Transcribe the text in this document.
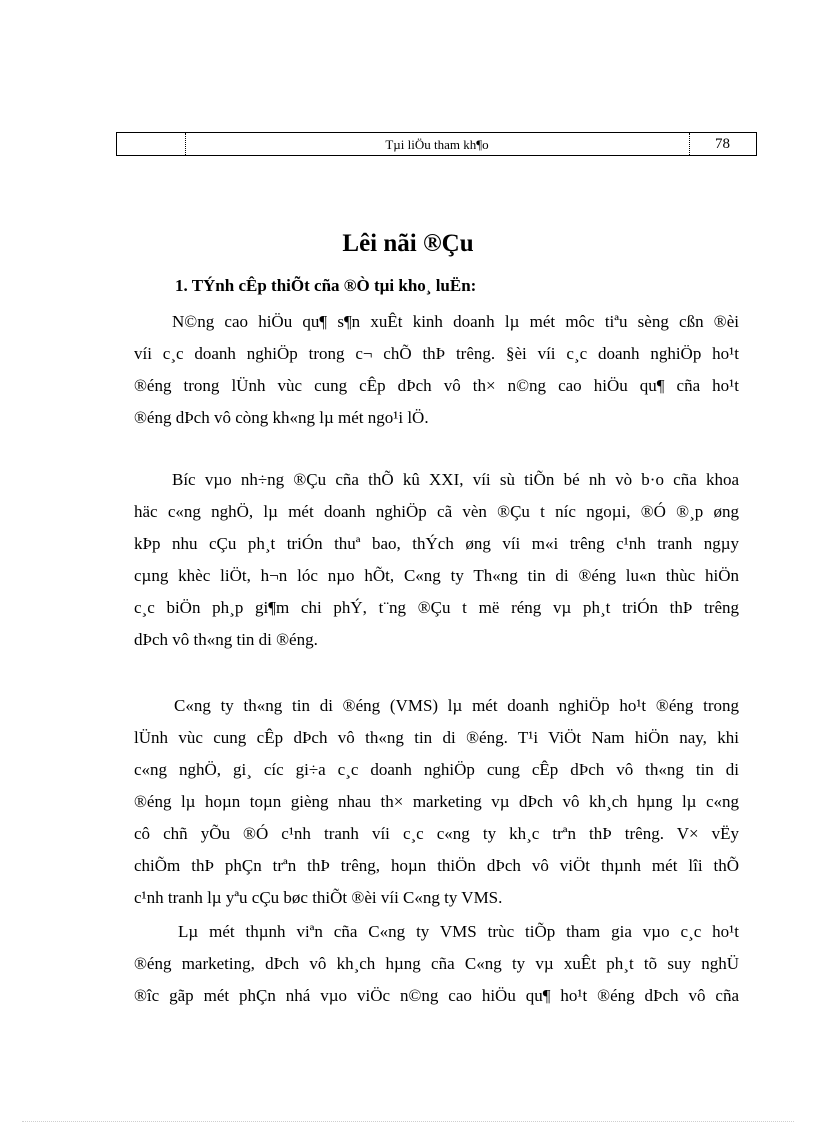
Tµi liÖu tham kh¶o	78
Lêi nãi ®Çu
1. TÝnh cÊp thiÕt cña ®Ò tµi kho¸ luËn:

N©ng cao hiÖu qu¶ s¶n xuÊt kinh doanh lµ mét môc tiªu sèng cßn ®èi

víi c¸c doanh nghiÖp trong c¬ chÕ thÞ trêng. §èi víi c¸c doanh nghiÖp ho¹t

®éng trong lÜnh vùc cung cÊp dÞch vô th× n©ng cao hiÖu qu¶ cña ho¹t

®éng dÞch vô còng kh«ng lµ mét ngo¹i lÖ.

Bíc vµo nh÷ng ®Çu cña thÕ kû XXI, víi sù tiÕn bé nh vò b·o cña khoa

häc c«ng nghÖ, lµ mét doanh nghiÖp cã vèn ®Çu t níc ngoµi, ®Ó ®¸p øng

kÞp nhu cÇu ph¸t triÓn thuª bao, thÝch øng víi m«i trêng c¹nh tranh ngµy

cµng khèc liÖt, h¬n lóc nµo hÕt, C«ng ty Th«ng tin di ®éng lu«n thùc hiÖn

c¸c biÖn ph¸p gi¶m chi phÝ, t¨ng ®Çu t më réng vµ ph¸t triÓn thÞ trêng

dÞch vô th«ng tin di ®éng.

C«ng ty th«ng tin di ®éng (VMS) lµ mét doanh nghiÖp ho¹t ®éng trong

lÜnh vùc cung cÊp dÞch vô th«ng tin di ®éng. T¹i ViÖt Nam hiÖn nay, khi

c«ng nghÖ, gi¸ cíc gi÷a c¸c doanh nghiÖp cung cÊp dÞch vô th«ng tin di

®éng lµ hoµn toµn gièng nhau th× marketing vµ dÞch vô kh¸ch hµng lµ c«ng

cô chñ yÕu ®Ó c¹nh tranh víi c¸c c«ng ty kh¸c trªn thÞ trêng. V× vËy

chiÕm thÞ phÇn trªn thÞ trêng, hoµn thiÖn dÞch vô viÖt thµnh mét lîi thÕ

c¹nh tranh lµ yªu cÇu bøc thiÕt ®èi víi C«ng ty VMS.

Lµ mét thµnh viªn cña C«ng ty VMS trùc tiÕp tham gia vµo c¸c ho¹t

®éng marketing, dÞch vô kh¸ch hµng cña C«ng ty vµ xuÊt ph¸t tõ suy nghÜ

®îc gãp mét phÇn nhá vµo viÖc n©ng cao hiÖu qu¶ ho¹t ®éng dÞch vô cña
